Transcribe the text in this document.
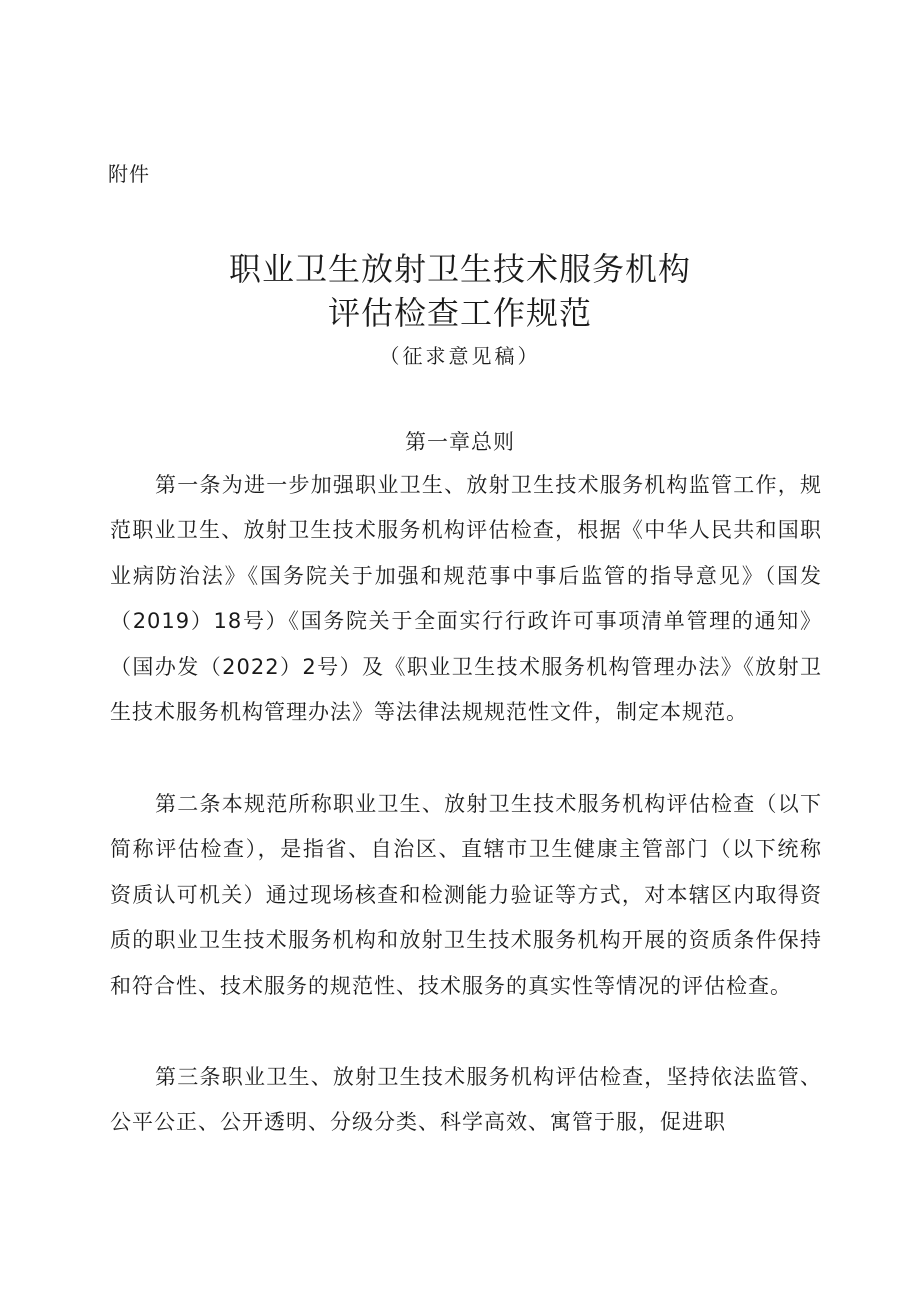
附件
职业卫生放射卫生技术服务机构
评估检查工作规范
（征求意见稿）
第一章总则

第一条为进一步加强职业卫生、放射卫生技术服务机构监管工作，规范职业卫生、放射卫生技术服务机构评估检查，根据《中华人民共和国职业病防治法》《国务院关于加强和规范事中事后监管的指导意见》（国发（2019）18号）《国务院关于全面实行行政许可事项清单管理的通知》（国办发（2022）2号）及《职业卫生技术服务机构管理办法》《放射卫生技术服务机构管理办法》等法律法规规范性文件，制定本规范。

第二条本规范所称职业卫生、放射卫生技术服务机构评估检查（以下简称评估检查），是指省、自治区、直辖市卫生健康主管部门（以下统称资质认可机关）通过现场核查和检测能力验证等方式，对本辖区内取得资质的职业卫生技术服务机构和放射卫生技术服务机构开展的资质条件保持和符合性、技术服务的规范性、技术服务的真实性等情况的评估检查。

第三条职业卫生、放射卫生技术服务机构评估检查，坚持依法监管、公平公正、公开透明、分级分类、科学高效、寓管于服，促进职
